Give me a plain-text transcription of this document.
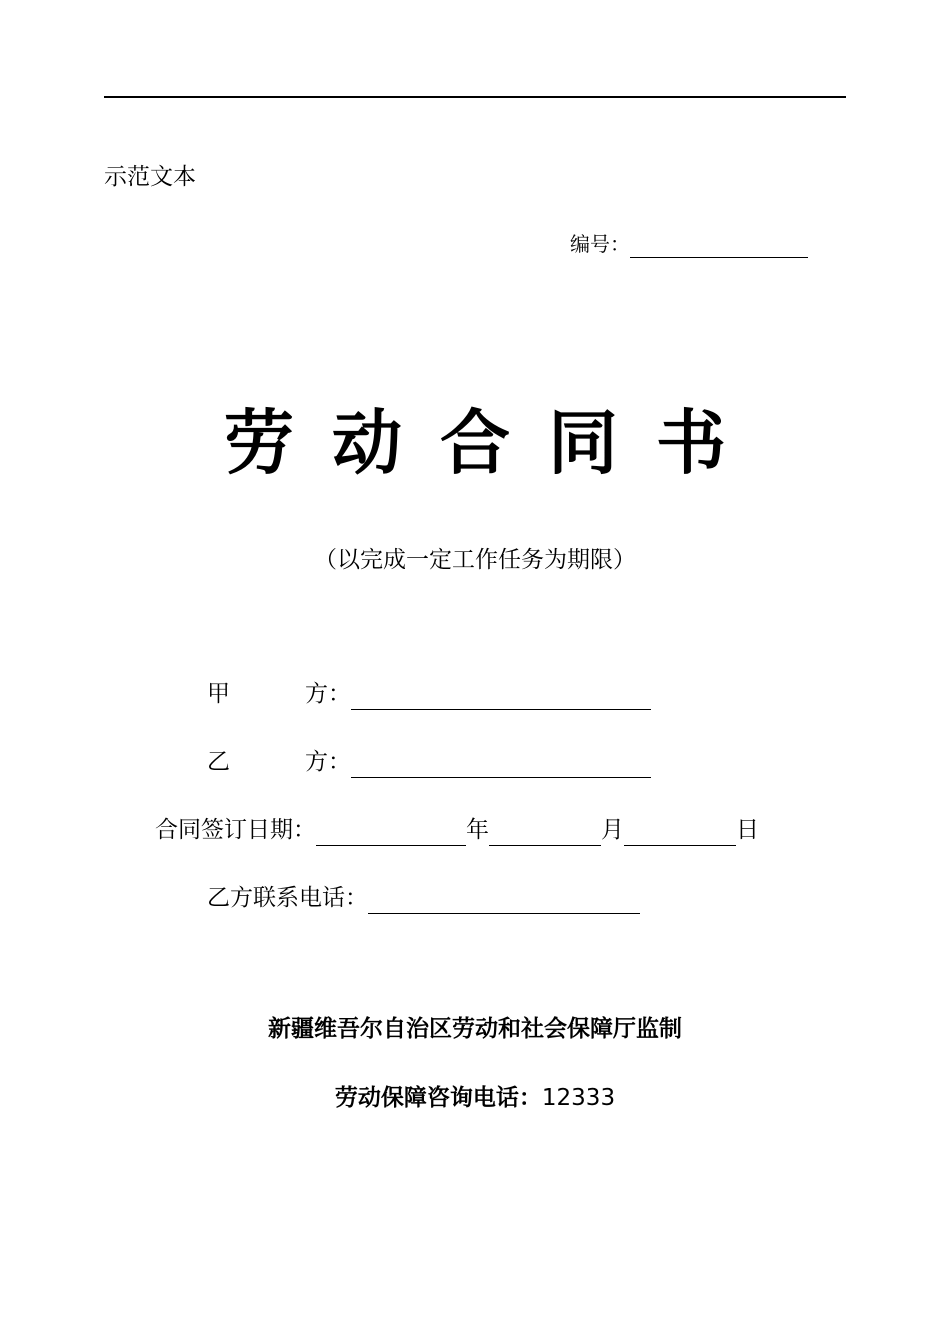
示范文本
编号：
劳动合同书
（以完成一定工作任务为期限）
甲	方：
乙	方：
合同签订日期：	年	月	日
乙方联系电话：
新疆维吾尔自治区劳动和社会保障厅监制
劳动保障咨询电话：12333
